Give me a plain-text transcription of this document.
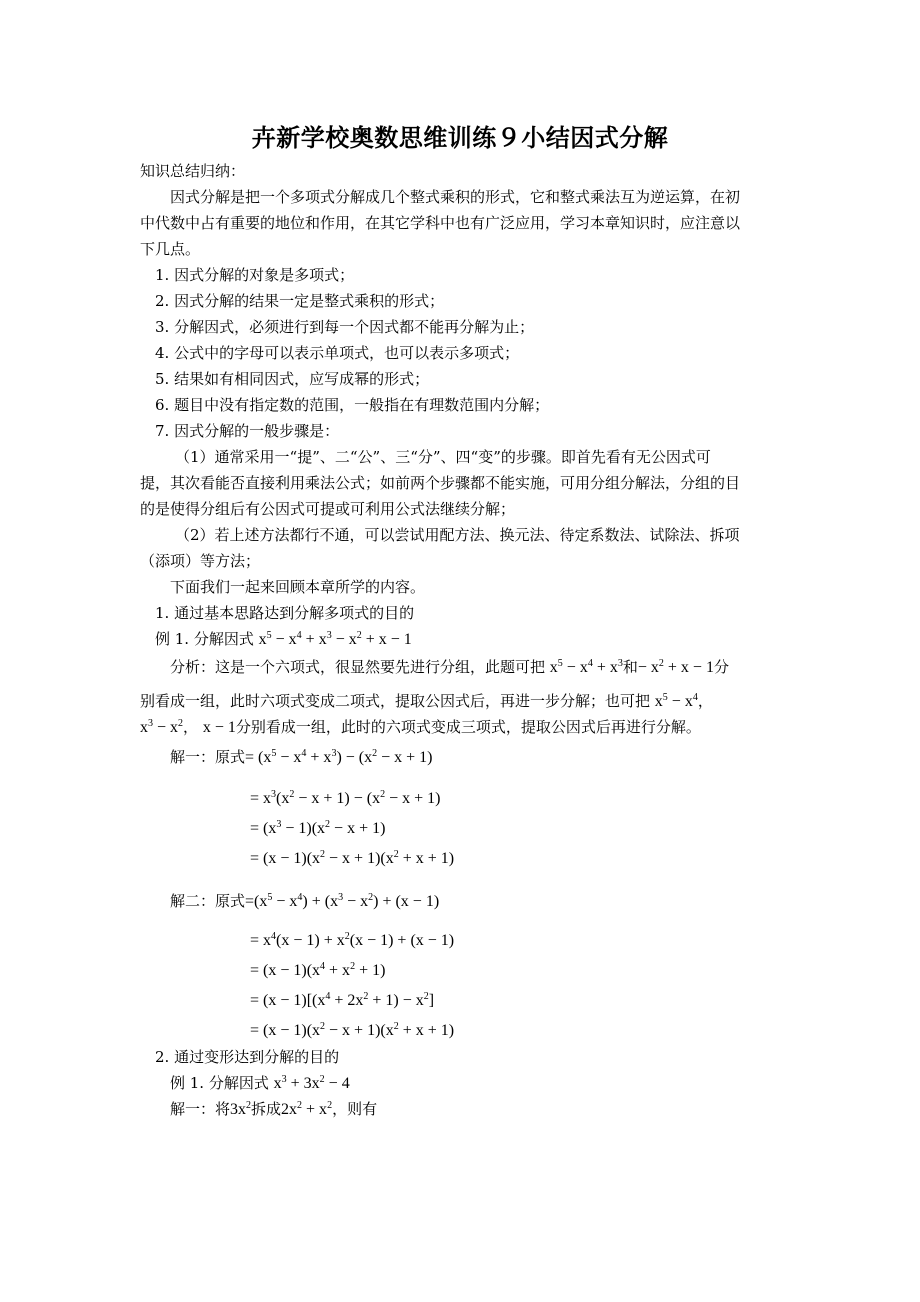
卉新学校奥数思维训练９小结因式分解
知识总结归纳：
因式分解是把一个多项式分解成几个整式乘积的形式，它和整式乘法互为逆运算，在初
中代数中占有重要的地位和作用，在其它学科中也有广泛应用，学习本章知识时，应注意以
下几点。
1. 因式分解的对象是多项式；
2. 因式分解的结果一定是整式乘积的形式；
3. 分解因式，必须进行到每一个因式都不能再分解为止；
4. 公式中的字母可以表示单项式，也可以表示多项式；
5. 结果如有相同因式，应写成幂的形式；
6. 题目中没有指定数的范围，一般指在有理数范围内分解；
7. 因式分解的一般步骤是：
（1）通常采用一“提”、二“公”、三“分”、四“变”的步骤。即首先看有无公因式可
提，其次看能否直接利用乘法公式；如前两个步骤都不能实施，可用分组分解法，分组的目
的是使得分组后有公因式可提或可利用公式法继续分解；
（2）若上述方法都行不通，可以尝试用配方法、换元法、待定系数法、试除法、拆项
（添项）等方法；
下面我们一起来回顾本章所学的内容。
1. 通过基本思路达到分解多项式的目的
例 1. 分解因式 $x^5 - x^4 + x^3 - x^2 + x - 1$
分析：这是一个六项式，很显然要先进行分组，此题可把 $x^5 - x^4 + x^3$和− $x^2 + x - 1$分
别看成一组，此时六项式变成二项式，提取公因式后，再进一步分解；也可把 $x^5 - x^4$，
$x^3 - x^2$， x − 1分别看成一组，此时的六项式变成三项式，提取公因式后再进行分解。
解一：原式= $(x^5 - x^4 + x^3) - (x^2 - x + 1)$
= $x^3(x^2 - x + 1) - (x^2 - x + 1)$
= $(x^3 - 1)(x^2 - x + 1)$
= $(x - 1)(x^2 - x + 1)(x^2 + x + 1)$
解二：原式$=(x^5 - x^4) + (x^3 - x^2) + (x - 1)$
= $x^4(x - 1) + x^2(x - 1) + (x - 1)$
= $(x - 1)(x^4 + x^2 + 1)$
= $(x - 1)[(x^4 + 2x^2 + 1) - x^2]$
= $(x - 1)(x^2 - x + 1)(x^2 + x + 1)$
2. 通过变形达到分解的目的
例 1. 分解因式 $x^3 + 3x^2 - 4$
解一：将$3x^2$拆成$2x^2 + x^2$，则有
